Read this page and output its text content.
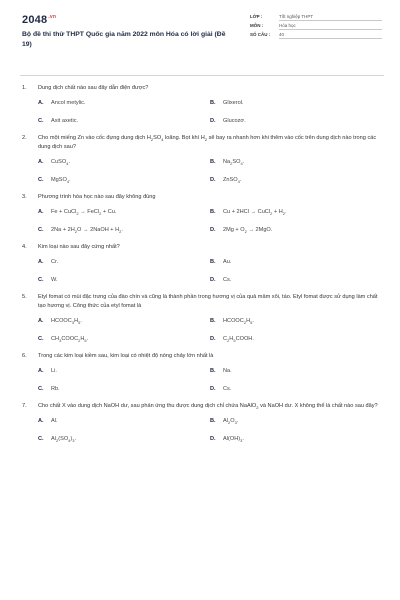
$2048^{.vn}$
Bộ đề thi thử THPT Quốc gia năm 2022 môn Hóa có lời giải (Đề 19)
LỚP :	Tốt nghiệp THPT
MÔN :	Hóa học
SỐ CÂU :	40
1.	Dung dịch chất nào sau đây dẫn điện được?
A.	Ancol metylic.	B.	Glixerol.
C.	Axit axetic.	D.	Glucozơ.
2.	Cho một miếng Zn vào cốc đựng dung dịch $H_2SO_4$ loãng. Bọt khí $H_2$ sẽ bay ra nhanh hơn khi thêm vào cốc trên dung dịch nào trong các dung dịch sau?
A.	CuSO$_4$.	B.	$Na_2SO_4$.
C.	MgSO$_4$.	D.	ZnSO$_4$.
3.	Phương trình hóa học nào sau đây không đúng
A.	Fe + CuCl$_2$ → FeCl$_2$ + Cu.	B.	Cu + 2HCl → CuCl$_2$ + $H_2$.
C.	$2Na + 2H_2O$ → 2NaOH + $H_2$.	D.	$2Mg + O_2 \to 2MgO$.
4.	Kim loại nào sau đây cứng nhất?
A.	Cr.	B.	Au.
C.	W.	D.	Cs.
5.	Etyl fomat có mùi đặc trưng của đào chín và cũng là thành phần trong hương vị của quả mâm xôi, táo. Etyl fomat được sử dụng làm chất tạo hương vị. Công thức của etyl fomat là
A.	$HCOOC_3H_5$.	B.	$HCOOC_2H_5$.
C.	$CH_3COOC_2H_5$.	D.	$C_2H_5COOH$.
6.	Trong các kim loại kiềm sau, kim loại có nhiệt độ nóng chảy lớn nhất là
A.	Li.	B.	Na.
C.	Rb.	D.	Cs.
7.	Cho chất X vào dung dịch NaOH dư, sau phản ứng thu được dung dịch chỉ chứa NaAlO$_2$ và NaOH dư. X không thể là chất nào sau đây?
A.	Al.	B.	$Al_2O_3$.
C.	$Al_2(SO_4)_3$.	D.	$Al(OH)_3$.
